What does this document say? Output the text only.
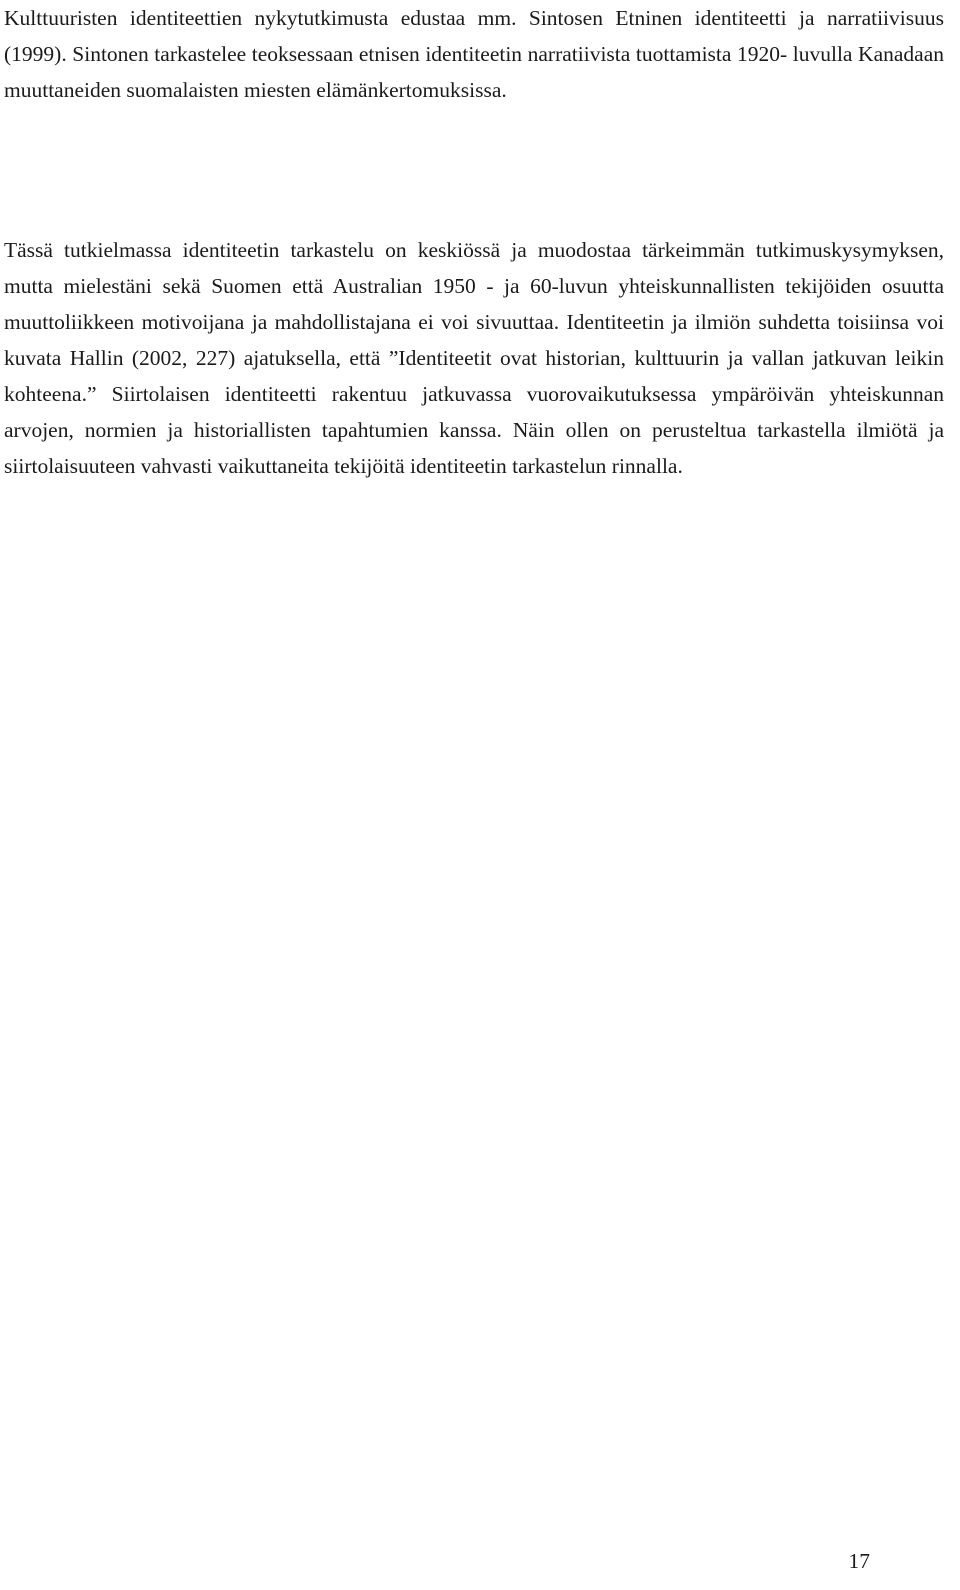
Kulttuuristen identiteettien nykytutkimusta edustaa mm. Sintosen Etninen identiteetti ja narratiivisuus (1999). Sintonen tarkastelee teoksessaan etnisen identiteetin narratiivista tuottamista 1920- luvulla Kanadaan muuttaneiden suomalaisten miesten elämänkertomuksissa.

Tässä tutkielmassa identiteetin tarkastelu on keskiössä ja muodostaa tärkeimmän tutkimuskysymyksen, mutta mielestäni sekä Suomen että Australian 1950 - ja 60-luvun yhteiskunnallisten tekijöiden osuutta muuttoliikkeen motivoijana ja mahdollistajana ei voi sivuuttaa. Identiteetin ja ilmiön suhdetta toisiinsa voi kuvata Hallin (2002, 227) ajatuksella, että ”Identiteetit ovat historian, kulttuurin ja vallan jatkuvan leikin kohteena.” Siirtolaisen identiteetti rakentuu jatkuvassa vuorovaikutuksessa ympäröivän yhteiskunnan arvojen, normien ja historiallisten tapahtumien kanssa. Näin ollen on perusteltua tarkastella ilmiötä ja siirtolaisuuteen vahvasti vaikuttaneita tekijöitä identiteetin tarkastelun rinnalla.

17
